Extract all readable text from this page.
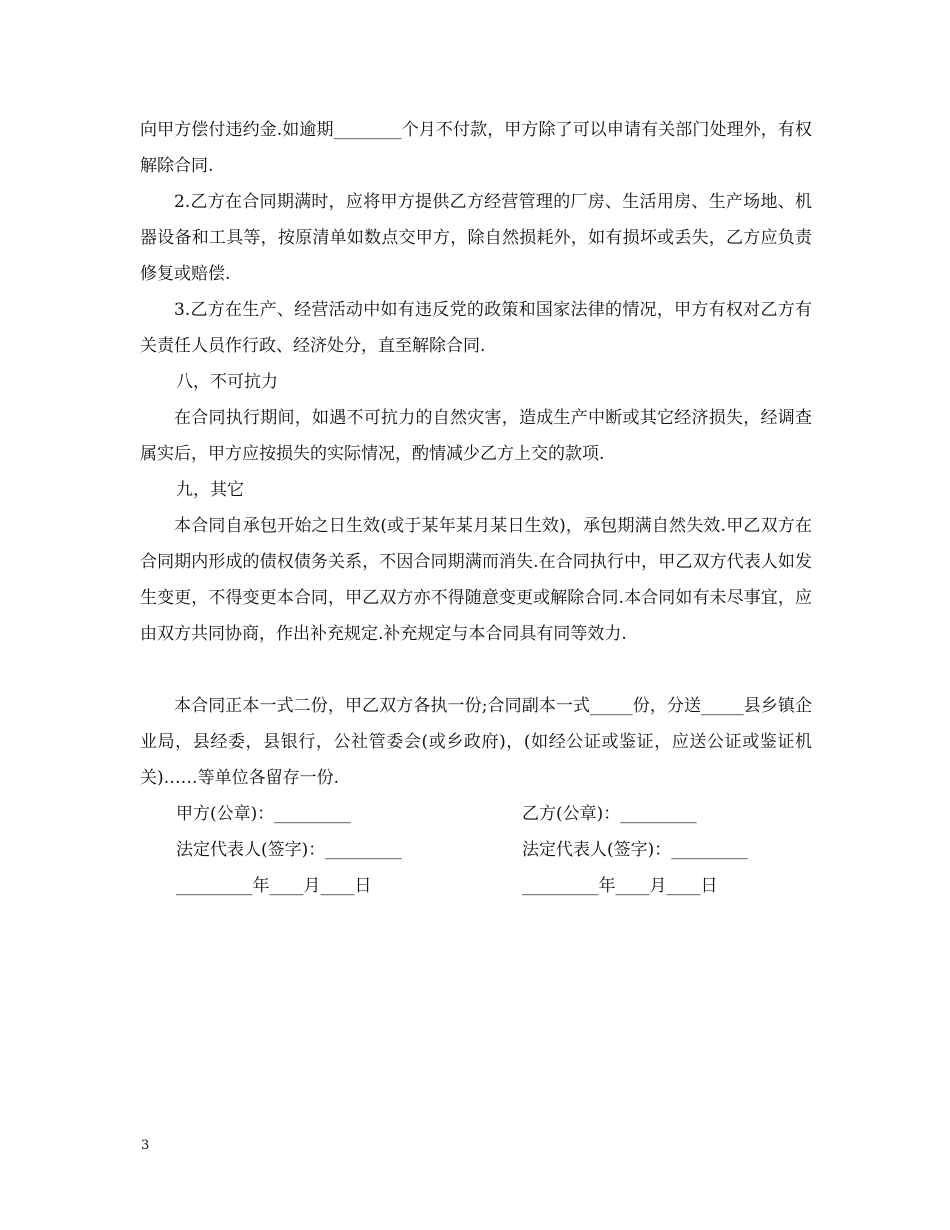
向甲方偿付违约金.如逾期________个月不付款，甲方除了可以申请有关部门处理外，有权解除合同.
2.乙方在合同期满时，应将甲方提供乙方经营管理的厂房、生活用房、生产场地、机器设备和工具等，按原清单如数点交甲方，除自然损耗外，如有损坏或丢失，乙方应负责修复或赔偿.
3.乙方在生产、经营活动中如有违反党的政策和国家法律的情况，甲方有权对乙方有关责任人员作行政、经济处分，直至解除合同.
八，不可抗力
在合同执行期间，如遇不可抗力的自然灾害，造成生产中断或其它经济损失，经调查属实后，甲方应按损失的实际情况，酌情减少乙方上交的款项.
九，其它
本合同自承包开始之日生效(或于某年某月某日生效)，承包期满自然失效.甲乙双方在合同期内形成的债权债务关系，不因合同期满而消失.在合同执行中，甲乙双方代表人如发生变更，不得变更本合同，甲乙双方亦不得随意变更或解除合同.本合同如有未尽事宜，应由双方共同协商，作出补充规定.补充规定与本合同具有同等效力.
本合同正本一式二份，甲乙双方各执一份;合同副本一式_____份，分送_____县乡镇企业局，县经委，县银行，公社管委会(或乡政府)，(如经公证或鉴证，应送公证或鉴证机关)……等单位各留存一份.
甲方(公章)：_________	乙方(公章)：_________
法定代表人(签字)：_________	法定代表人(签字)：_________
_________年____月____日	_________年____月____日
3
